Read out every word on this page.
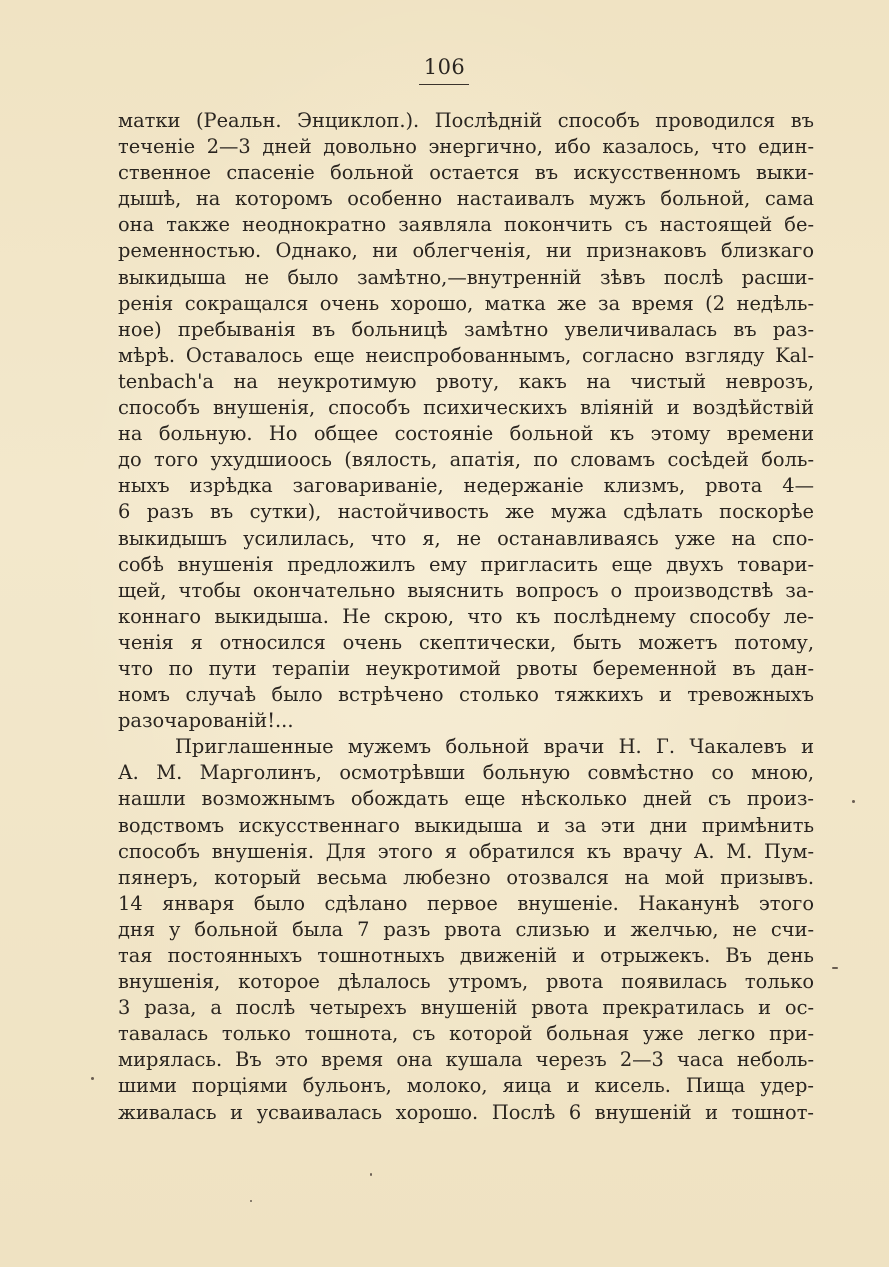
106
матки (Реальн. Энциклоп.). Послѣдній способъ проводился въ
теченіе 2—3 дней довольно энергично, ибо казалось, что един-
ственное спасеніе больной остается въ искусственномъ выки-
дышѣ, на которомъ особенно настаивалъ мужъ больной, сама
она также неоднократно заявляла покончить съ настоящей бе-
ременностью. Однако, ни облегченія, ни признаковъ близкаго
выкидыша не было замѣтно,—внутренній зѣвъ послѣ расши-
ренія сокращался очень хорошо, матка же за время (2 недѣль-
ное) пребыванія въ больницѣ замѣтно увеличивалась въ раз-
мѣрѣ. Оставалось еще неиспробованнымъ, согласно взгляду Kal-
tenbach'а на неукротимую рвоту, какъ на чистый неврозъ,
способъ внушенія, способъ психическихъ вліяній и воздѣйствій
на больную. Но общее состояніе больной къ этому времени
до того ухудшиоось (вялость, апатія, по словамъ сосѣдей боль-
ныхъ изрѣдка заговариваніе, недержаніе клизмъ, рвота 4—
6 разъ въ сутки), настойчивость же мужа сдѣлать поскорѣе
выкидышъ усилилась, что я, не останавливаясь уже на спо-
собѣ внушенія предложилъ ему пригласить еще двухъ товари-
щей, чтобы окончательно выяснить вопросъ о производствѣ за-
коннаго выкидыша. Не скрою, что къ послѣднему способу ле-
ченія я относился очень скептически, быть можетъ потому,
что по пути терапіи неукротимой рвоты беременной въ дан-
номъ случаѣ было встрѣчено столько тяжкихъ и тревожныхъ
разочарованій!...
Приглашенные мужемъ больной врачи Н. Г. Чакалевъ и
А. М. Марголинъ, осмотрѣвши больную совмѣстно со мною,
нашли возможнымъ обождать еще нѣсколько дней съ произ-
водствомъ искусственнаго выкидыша и за эти дни примѣнить
способъ внушенія. Для этого я обратился къ врачу А. М. Пум-
пянеръ, который весьма любезно отозвался на мой призывъ.
14 января было сдѣлано первое внушеніе. Наканунѣ этого
дня у больной была 7 разъ рвота слизью и желчью, не счи-
тая постоянныхъ тошнотныхъ движеній и отрыжекъ. Въ день
внушенія, которое дѣлалось утромъ, рвота появилась только
3 раза, а послѣ четырехъ внушеній рвота прекратилась и ос-
тавалась только тошнота, съ которой больная уже легко при-
мирялась. Въ это время она кушала черезъ 2—3 часа неболь-
шими порціями бульонъ, молоко, яица и кисель. Пища удер-
живалась и усваивалась хорошо. Послѣ 6 внушеній и тошнот-
